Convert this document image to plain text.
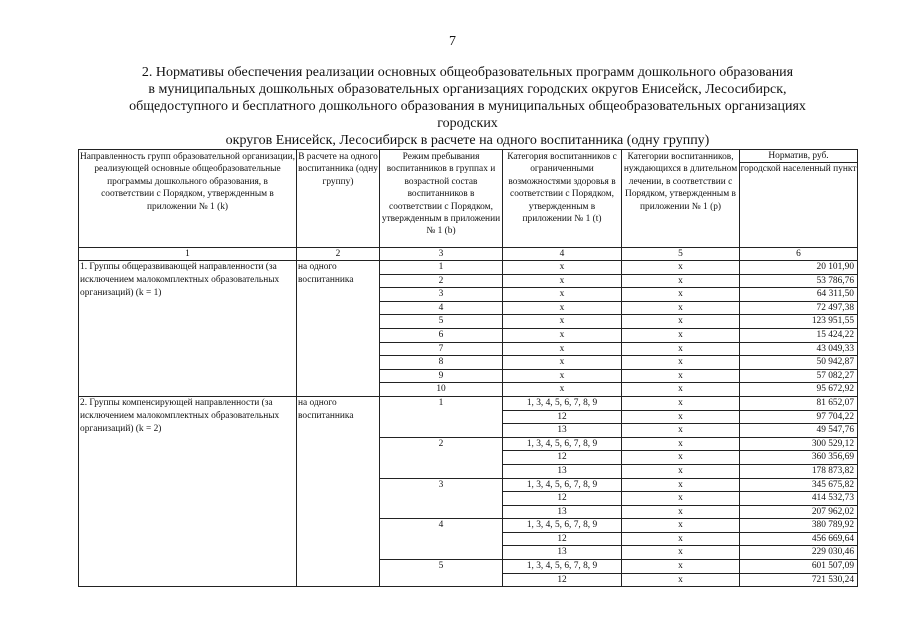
7
2. Нормативы обеспечения реализации основных общеобразовательных программ дошкольного образования
в муниципальных дошкольных образовательных организациях городских округов Енисейск, Лесосибирск,
общедоступного и бесплатного дошкольного образования в муниципальных общеобразовательных организациях городских
округов Енисейск, Лесосибирск в расчете на одного воспитанника (одну группу)
Направленность групп образовательной организации, реализующей основные общеобразовательные программы дошкольного образования, в соответствии с Порядком, утвержденным в приложении № 1 (k)	В расчете на одного воспитанника (одну группу)	Режим пребывания воспитанников в группах и возрастной состав воспитанников в соответствии с Порядком, утвержденным в приложении № 1 (b)	Категория воспитанников с ограниченными возможностями здоровья в соответствии с Порядком, утвержденным в приложении № 1 (t)	Категории воспитанников, нуждающихся в длительном лечении, в соответствии с Порядком, утвержденным в приложении № 1 (p)	Норматив, руб.
городской населенный пункт

1	2	3	4	5	6
1. Группы общеразвивающей направленности (за исключением малокомплектных образовательных организаций) (k = 1)	на одного воспитанника	1	х	х	20 101,90
		2	х	х	53 786,76
		3	х	х	64 311,50
		4	х	х	72 497,38
		5	х	х	123 951,55
		6	х	х	15 424,22
		7	х	х	43 049,33
		8	х	х	50 942,87
		9	х	х	57 082,27
		10	х	х	95 672,92
2. Группы компенсирующей направленности (за исключением малокомплектных образовательных организаций) (k = 2)	на одного воспитанника	1	1, 3, 4, 5, 6, 7, 8, 9	х	81 652,07
			12	х	97 704,22
			13	х	49 547,76
		2	1, 3, 4, 5, 6, 7, 8, 9	х	300 529,12
			12	х	360 356,69
			13	х	178 873,82
		3	1, 3, 4, 5, 6, 7, 8, 9	х	345 675,82
			12	х	414 532,73
			13	х	207 962,02
		4	1, 3, 4, 5, 6, 7, 8, 9	х	380 789,92
			12	х	456 669,64
			13	х	229 030,46
		5	1, 3, 4, 5, 6, 7, 8, 9	х	601 507,09
			12	х	721 530,24
